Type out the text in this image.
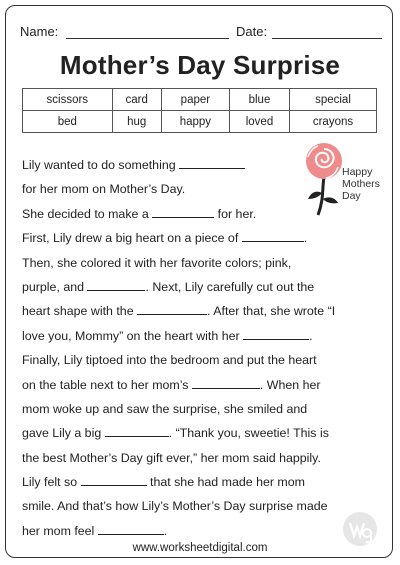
Name:	Date:
Mother’s Day Surprise
scissors	card	paper	blue	special
bed	hug	happy	loved	crayons
Happy
Mothers
Day
Lily wanted to do something
for her mom on Mother’s Day.
She decided to make a	for her.
First, Lily drew a big heart on a piece of	.
Then, she colored it with her favorite colors; pink,
purple, and	. Next, Lily carefully cut out the
heart shape with the	. After that, she wrote “I
love you, Mommy” on the heart with her	.
Finally, Lily tiptoed into the bedroom and put the heart
on the table next to her mom’s	. When her
mom woke up and saw the surprise, she smiled and
gave Lily a big	. “Thank you, sweetie! This is
the best Mother’s Day gift ever,” her mom said happily.
Lily felt so	that she had made her mom
smile. And that’s how Lily’s Mother’s Day surprise made
her mom feel	.
www.worksheetdigital.com
